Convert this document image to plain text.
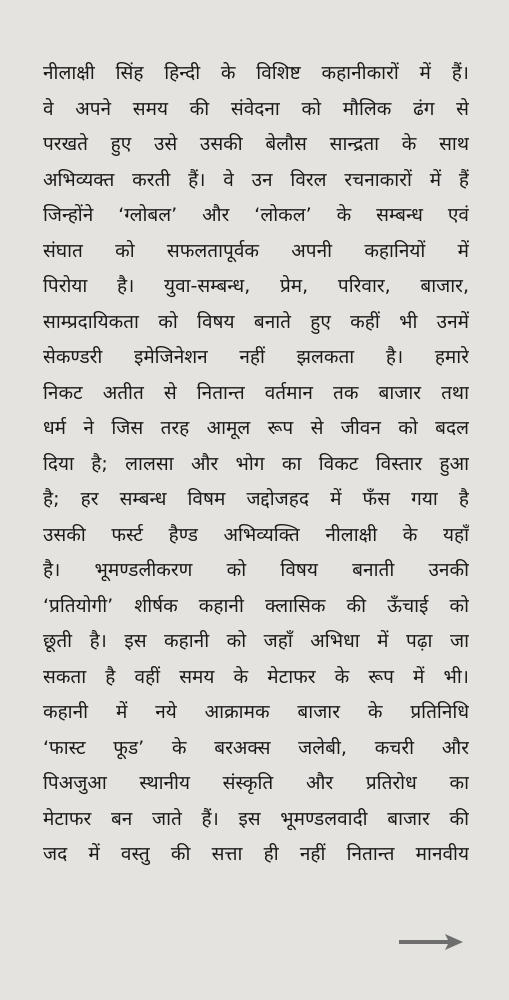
नीलाक्षी सिंह हिन्दी के विशिष्ट कहानीकारों में हैं।
वे अपने समय की संवेदना को मौलिक ढंग से
परखते हुए उसे उसकी बेलौस सान्द्रता के साथ
अभिव्यक्त करती हैं। वे उन विरल रचनाकारों में हैं
जिन्होंने ‘ग्लोबल’ और ‘लोकल’ के सम्बन्ध एवं
संघात को सफलतापूर्वक अपनी कहानियों में
पिरोया है। युवा-सम्बन्ध, प्रेम, परिवार, बाजार,
साम्प्रदायिकता को विषय बनाते हुए कहीं भी उनमें
सेकण्डरी इमेजिनेशन नहीं झलकता है। हमारे
निकट अतीत से नितान्त वर्तमान तक बाजार तथा
धर्म ने जिस तरह आमूल रूप से जीवन को बदल
दिया है; लालसा और भोग का विकट विस्तार हुआ
है; हर सम्बन्ध विषम जद्दोजहद में फँस गया है
उसकी फर्स्ट हैण्ड अभिव्यक्ति नीलाक्षी के यहाँ
है। भूमण्डलीकरण को विषय बनाती उनकी
‘प्रतियोगी’ शीर्षक कहानी क्लासिक की ऊँचाई को
छूती है। इस कहानी को जहाँ अभिधा में पढ़ा जा
सकता है वहीं समय के मेटाफर के रूप में भी।
कहानी में नये आक्रामक बाजार के प्रतिनिधि
‘फास्ट फूड’ के बरअक्स जलेबी, कचरी और
पिअजुआ स्थानीय संस्कृति और प्रतिरोध का
मेटाफर बन जाते हैं। इस भूमण्डलवादी बाजार की
जद में वस्तु की सत्ता ही नहीं नितान्त मानवीय
